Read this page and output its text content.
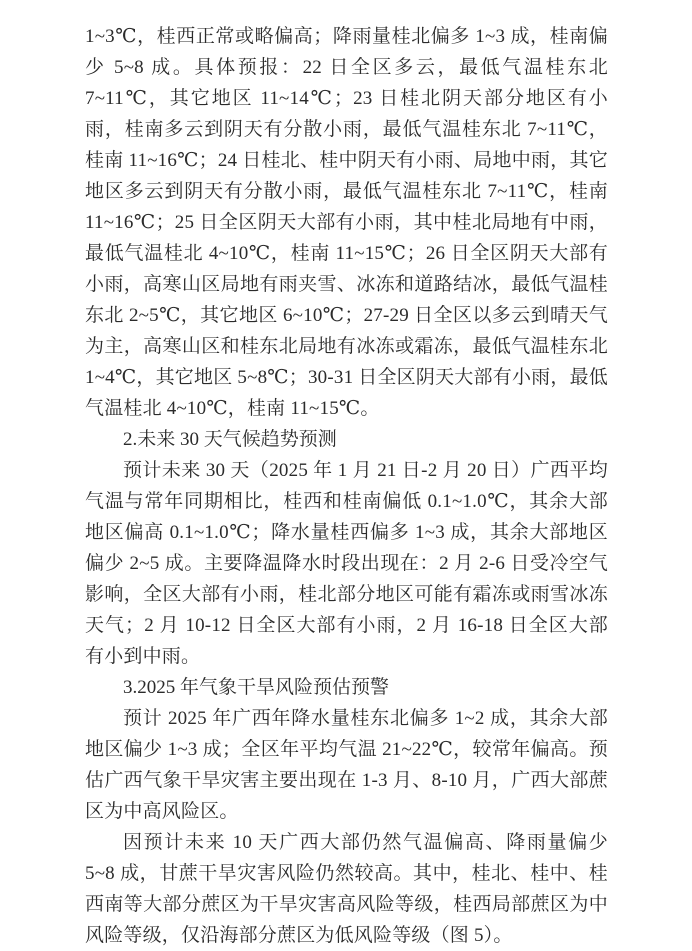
1~3℃，桂西正常或略偏高；降雨量桂北偏多 1~3 成，桂南偏少 5~8 成。具体预报：22 日全区多云，最低气温桂东北 7~11℃，其它地区 11~14℃；23 日桂北阴天部分地区有小雨，桂南多云到阴天有分散小雨，最低气温桂东北 7~11℃，桂南 11~16℃；24 日桂北、桂中阴天有小雨、局地中雨，其它地区多云到阴天有分散小雨，最低气温桂东北 7~11℃，桂南 11~16℃；25 日全区阴天大部有小雨，其中桂北局地有中雨，最低气温桂北 4~10℃，桂南 11~15℃；26 日全区阴天大部有小雨，高寒山区局地有雨夹雪、冰冻和道路结冰，最低气温桂东北 2~5℃，其它地区 6~10℃；27-29 日全区以多云到晴天气为主，高寒山区和桂东北局地有冰冻或霜冻，最低气温桂东北 1~4℃，其它地区 5~8℃；30-31 日全区阴天大部有小雨，最低气温桂北 4~10℃，桂南 11~15℃。

2.未来 30 天气候趋势预测

预计未来 30 天（2025 年 1 月 21 日-2 月 20 日）广西平均气温与常年同期相比，桂西和桂南偏低 0.1~1.0℃，其余大部地区偏高 0.1~1.0℃；降水量桂西偏多 1~3 成，其余大部地区偏少 2~5 成。主要降温降水时段出现在：2 月 2-6 日受冷空气影响，全区大部有小雨，桂北部分地区可能有霜冻或雨雪冰冻天气；2 月 10-12 日全区大部有小雨，2 月 16-18 日全区大部有小到中雨。

3.2025 年气象干旱风险预估预警

预计 2025 年广西年降水量桂东北偏多 1~2 成，其余大部地区偏少 1~3 成；全区年平均气温 21~22℃，较常年偏高。预估广西气象干旱灾害主要出现在 1-3 月、8-10 月，广西大部蔗区为中高风险区。

因预计未来 10 天广西大部仍然气温偏高、降雨量偏少 5~8 成，甘蔗干旱灾害风险仍然较高。其中，桂北、桂中、桂西南等大部分蔗区为干旱灾害高风险等级，桂西局部蔗区为中风险等级，仅沿海部分蔗区为低风险等级（图 5）。
